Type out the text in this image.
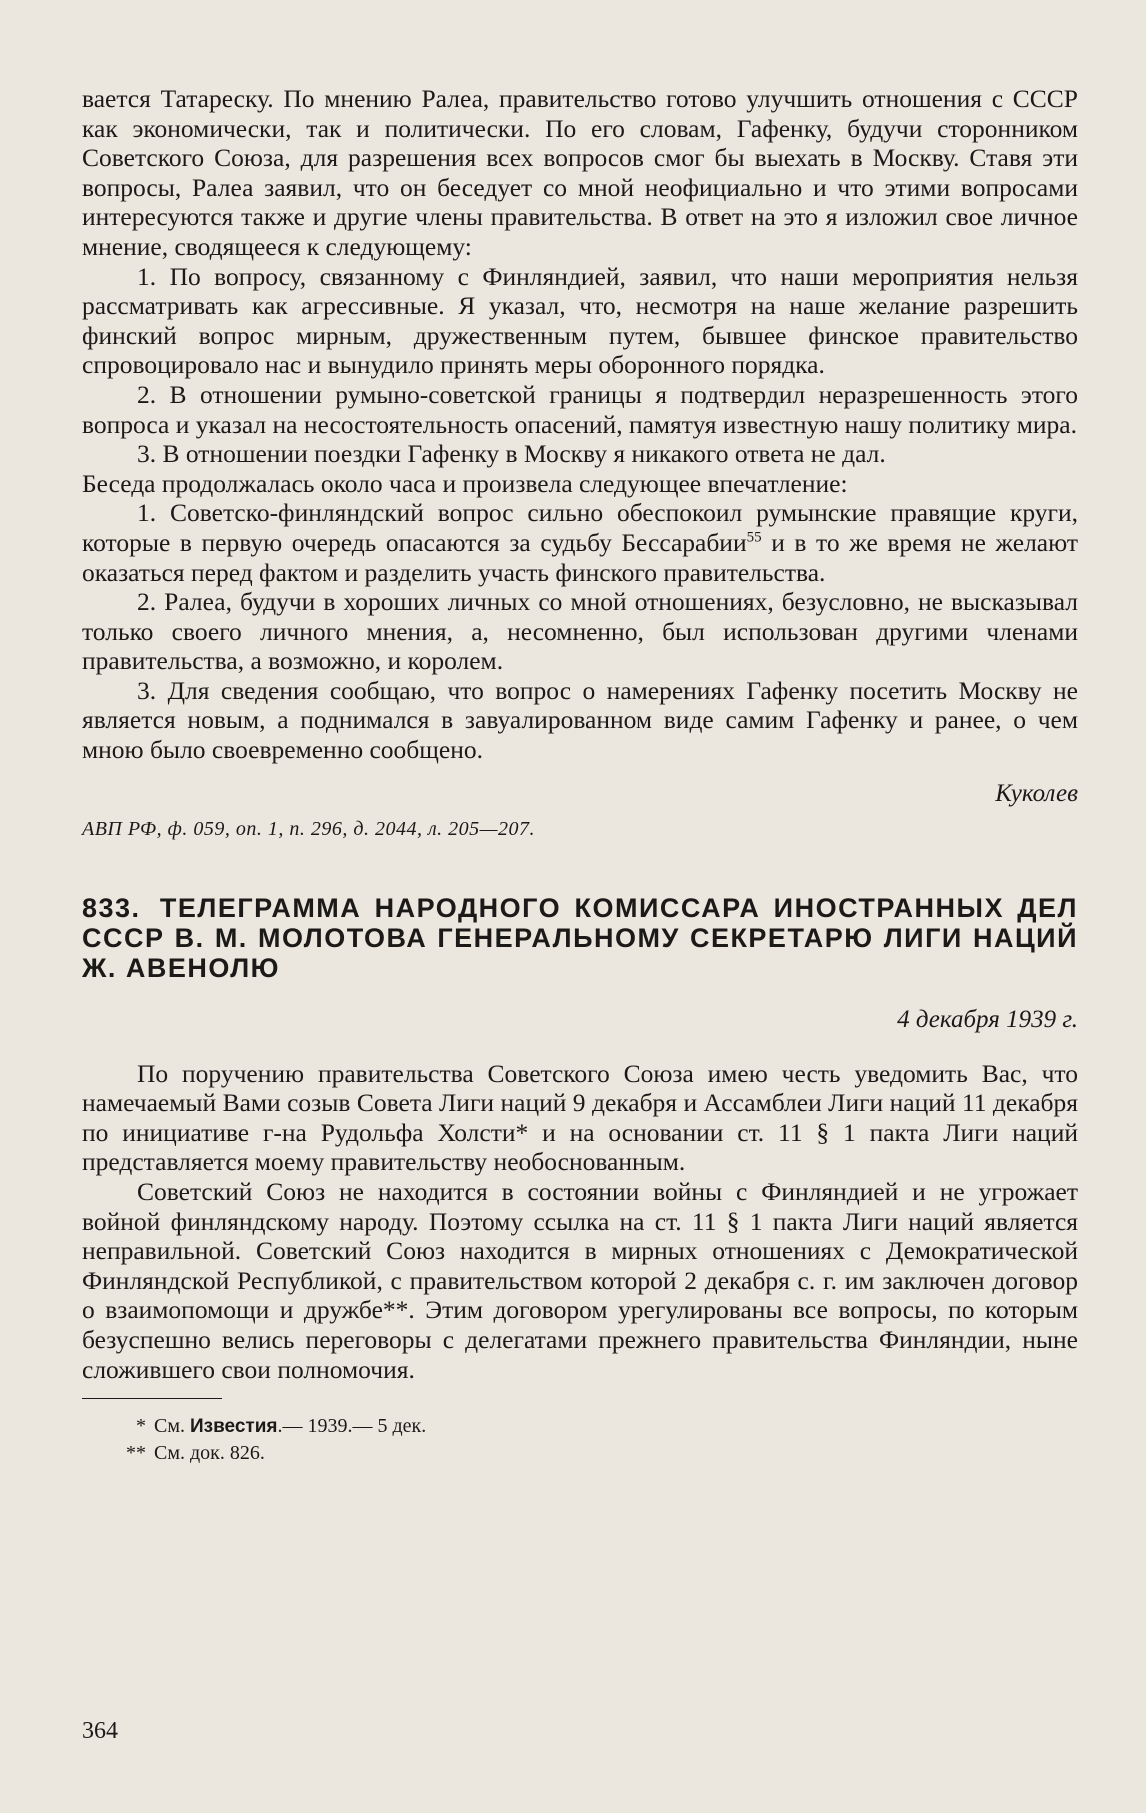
вается Татареску. По мнению Ралеа, правительство готово улучшить отношения с СССР как экономически, так и политически. По его словам, Гафенку, будучи сторонником Советского Союза, для разрешения всех вопросов смог бы выехать в Москву. Ставя эти вопросы, Ралеа заявил, что он беседует со мной неофициально и что этими вопросами интересуются также и другие члены правительства. В ответ на это я изложил свое личное мнение, сводящееся к следующему:

1. По вопросу, связанному с Финляндией, заявил, что наши мероприятия нельзя рассматривать как агрессивные. Я указал, что, несмотря на наше желание разрешить финский вопрос мирным, дружественным путем, бывшее финское правительство спровоцировало нас и вынудило принять меры оборонного порядка.

2. В отношении румыно-советской границы я подтвердил неразрешенность этого вопроса и указал на несостоятельность опасений, памятуя известную нашу политику мира.

3. В отношении поездки Гафенку в Москву я никакого ответа не дал.

Беседа продолжалась около часа и произвела следующее впечатление:

1. Советско-финляндский вопрос сильно обеспокоил румынские правящие круги, которые в первую очередь опасаются за судьбу Бессарабии$^{55}$ и в то же время не желают оказаться перед фактом и разделить участь финского правительства.

2. Ралеа, будучи в хороших личных со мной отношениях, безусловно, не высказывал только своего личного мнения, а, несомненно, был использован другими членами правительства, а возможно, и королем.

3. Для сведения сообщаю, что вопрос о намерениях Гафенку посетить Москву не является новым, а поднимался в завуалированном виде самим Гафенку и ранее, о чем мною было своевременно сообщено.

Куколев
АВП РФ, ф. 059, оп. 1, п. 296, д. 2044, л. 205—207.
833. ТЕЛЕГРАММА НАРОДНОГО КОМИССАРА ИНОСТРАННЫХ ДЕЛ СССР В. М. МОЛОТОВА ГЕНЕРАЛЬНОМУ СЕКРЕТАРЮ ЛИГИ НАЦИЙ Ж. АВЕНОЛЮ
4 декабря 1939 г.

По поручению правительства Советского Союза имею честь уведомить Вас, что намечаемый Вами созыв Совета Лиги наций 9 декабря и Ассамблеи Лиги наций 11 декабря по инициативе г-на Рудольфа Холсти* и на основании ст. 11 § 1 пакта Лиги наций представляется моему правительству необоснованным.

Советский Союз не находится в состоянии войны с Финляндией и не угрожает войной финляндскому народу. Поэтому ссылка на ст. 11 § 1 пакта Лиги наций является неправильной. Советский Союз находится в мирных отношениях с Демократической Финляндской Республикой, с правительством которой 2 декабря с. г. им заключен договор о взаимопомощи и дружбе**. Этим договором урегулированы все вопросы, по которым безуспешно велись переговоры с делегатами прежнего правительства Финляндии, ныне сложившего свои полномочия.

* См. Известия.— 1939.— 5 дек.
** См. док. 826.
364
